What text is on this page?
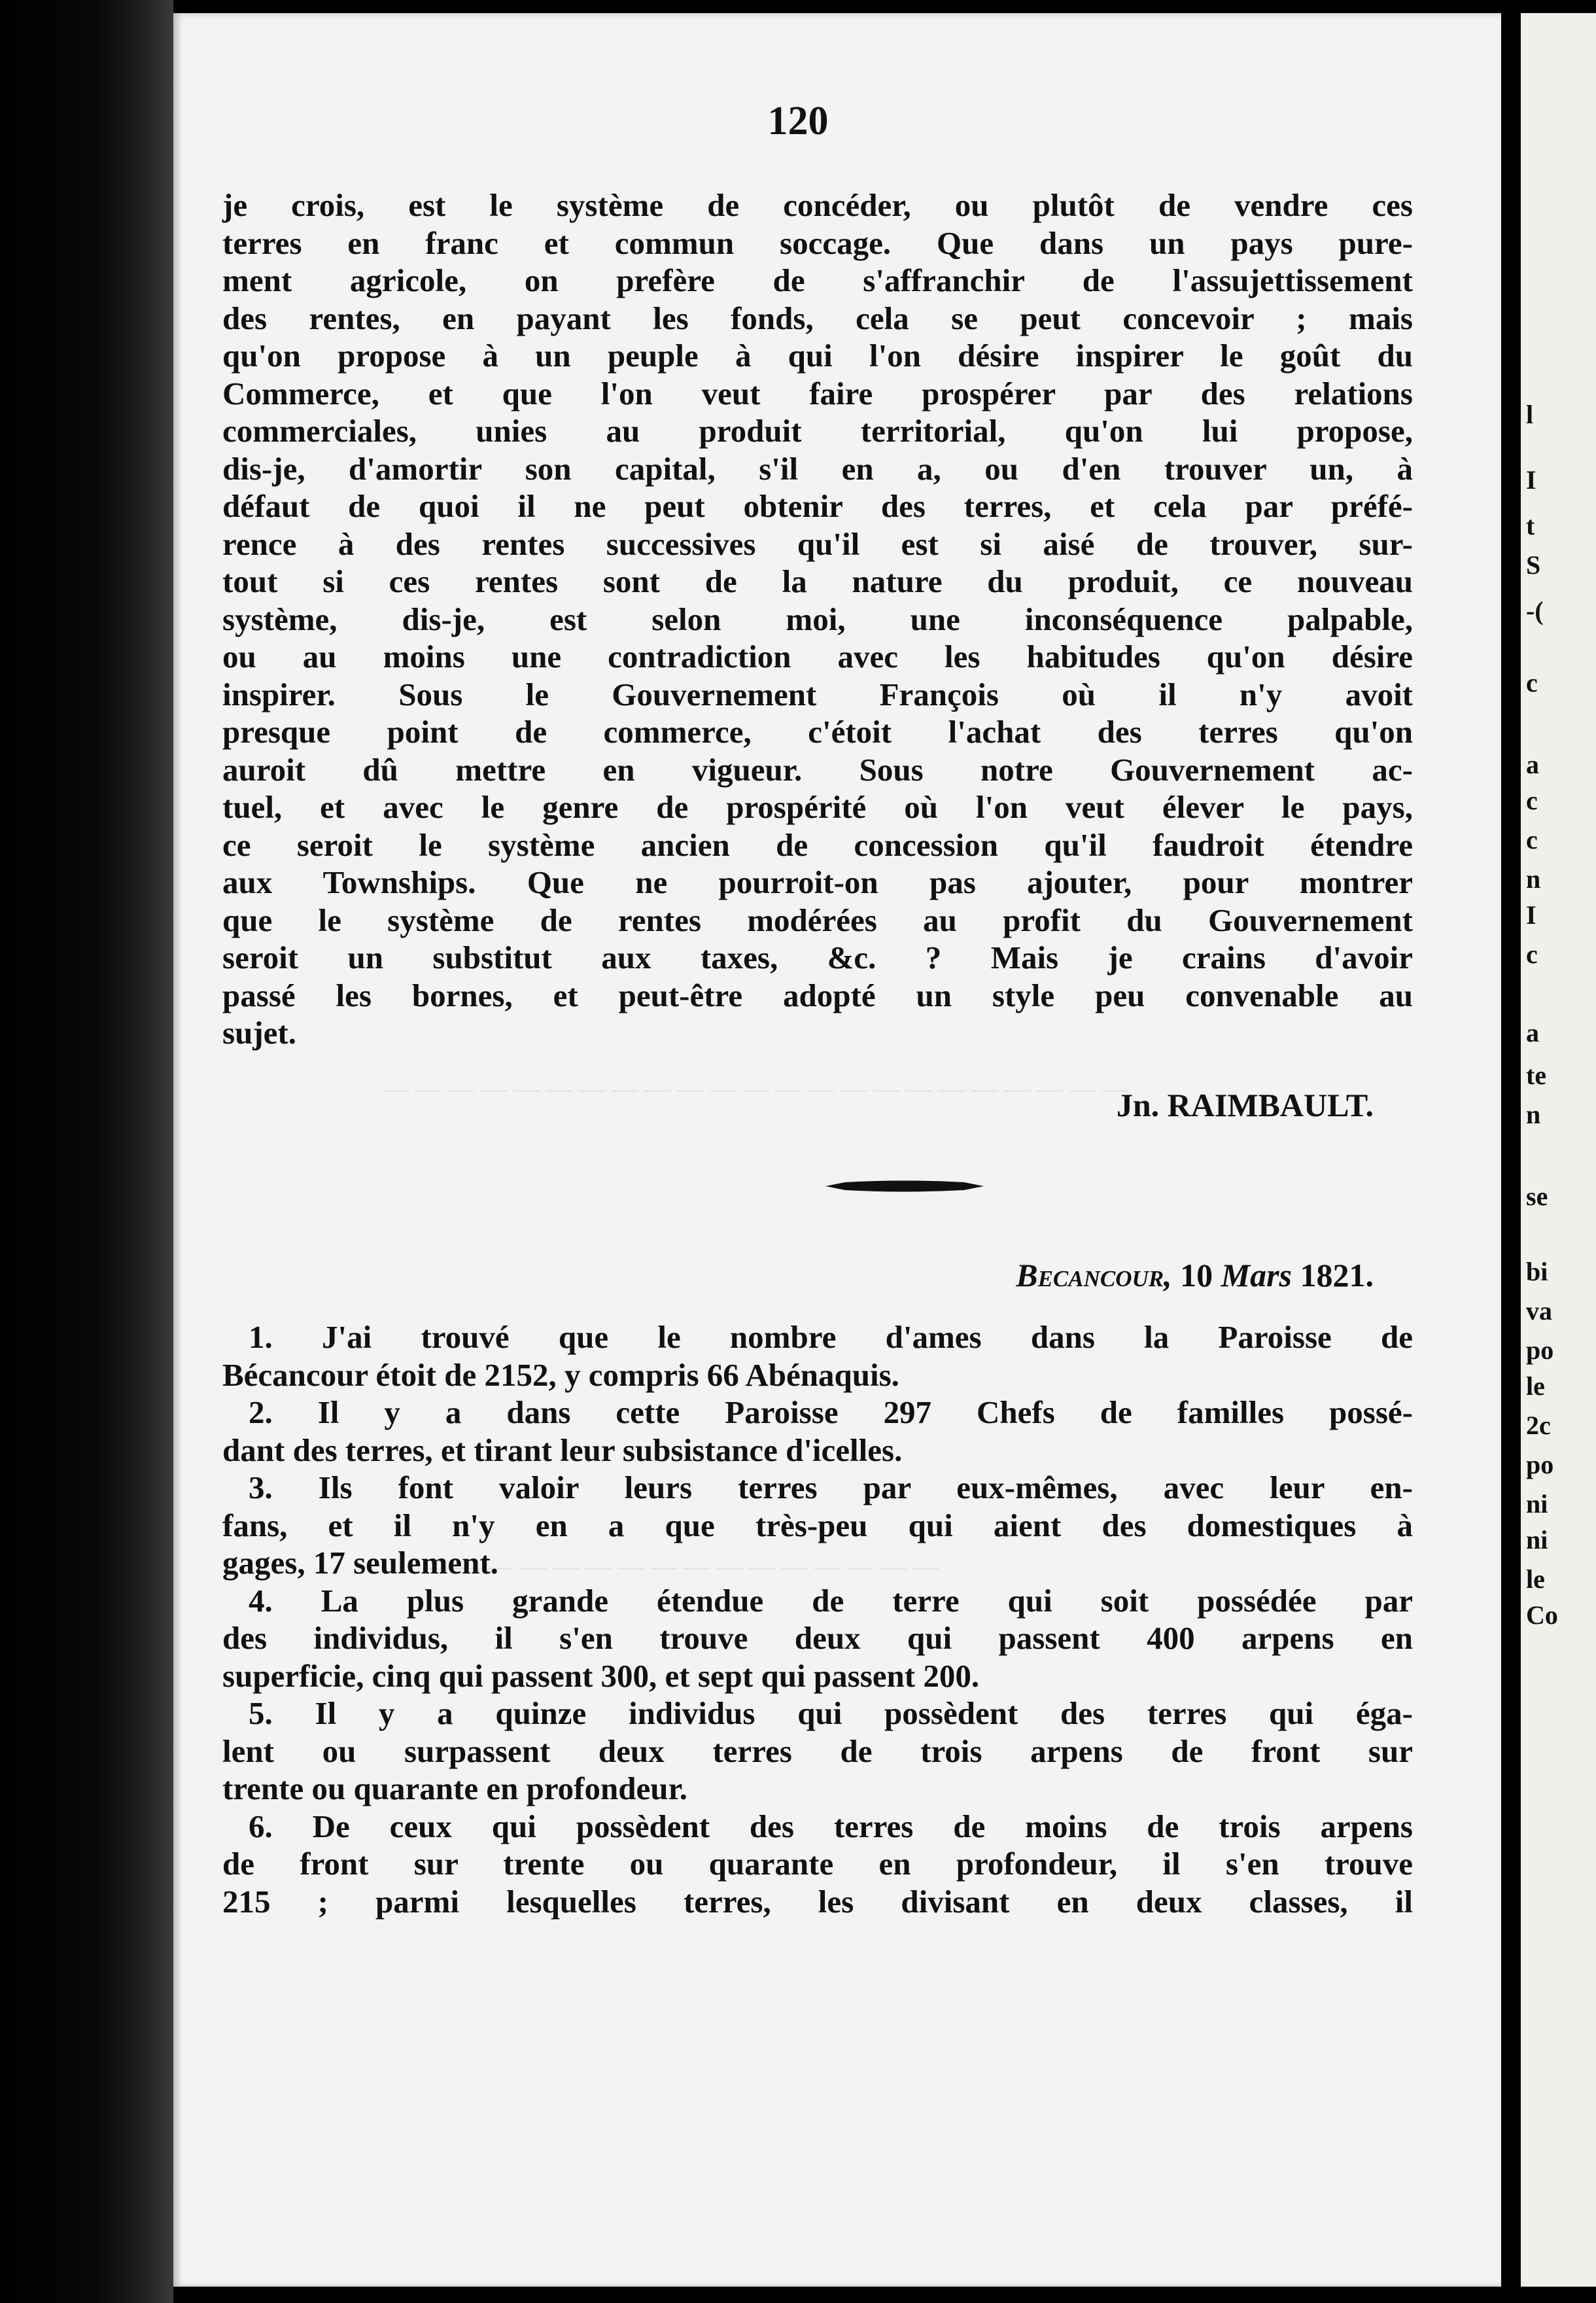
— — — — — — — — — — — — — — — — — — — — — — —
— — — — — — — — — — — — — — — —
l
I
t
S
-(
c
a
c
c
n
I
c
a
te
n
se
bi
va
po
le
2c
po
ni
ni
le
Co
120
je crois, est le système de concéder, ou plutôt de vendre ces
terres en franc et commun soccage. Que dans un pays pure-
ment agricole, on prefère de s'affranchir de l'assujettissement
des rentes, en payant les fonds, cela se peut concevoir ; mais
qu'on propose à un peuple à qui l'on désire inspirer le goût du
Commerce, et que l'on veut faire prospérer par des relations
commerciales, unies au produit territorial, qu'on lui propose,
dis-je, d'amortir son capital, s'il en a, ou d'en trouver un, à
défaut de quoi il ne peut obtenir des terres, et cela par préfé-
rence à des rentes successives qu'il est si aisé de trouver, sur-
tout si ces rentes sont de la nature du produit, ce nouveau
système, dis-je, est selon moi, une inconséquence palpable,
ou au moins une contradiction avec les habitudes qu'on désire
inspirer. Sous le Gouvernement François où il n'y avoit
presque point de commerce, c'étoit l'achat des terres qu'on
auroit dû mettre en vigueur. Sous notre Gouvernement ac-
tuel, et avec le genre de prospérité où l'on veut élever le pays,
ce seroit le système ancien de concession qu'il faudroit étendre
aux Townships. Que ne pourroit-on pas ajouter, pour montrer
que le système de rentes modérées au profit du Gouvernement
seroit un substitut aux taxes, &c. ? Mais je crains d'avoir
passé les bornes, et peut-être adopté un style peu convenable au
sujet.
Jn. RAIMBAULT.
Becancour, 10 Mars 1821.
1. J'ai trouvé que le nombre d'ames dans la Paroisse de
Bécancour étoit de 2152, y compris 66 Abénaquis.
2. Il y a dans cette Paroisse 297 Chefs de familles possé-
dant des terres, et tirant leur subsistance d'icelles.
3. Ils font valoir leurs terres par eux-mêmes, avec leur en-
fans, et il n'y en a que très-peu qui aient des domestiques à
gages, 17 seulement.
4. La plus grande étendue de terre qui soit possédée par
des individus, il s'en trouve deux qui passent 400 arpens en
superficie, cinq qui passent 300, et sept qui passent 200.
5. Il y a quinze individus qui possèdent des terres qui éga-
lent ou surpassent deux terres de trois arpens de front sur
trente ou quarante en profondeur.
6. De ceux qui possèdent des terres de moins de trois arpens
de front sur trente ou quarante en profondeur, il s'en trouve
215 ; parmi lesquelles terres, les divisant en deux classes, il
